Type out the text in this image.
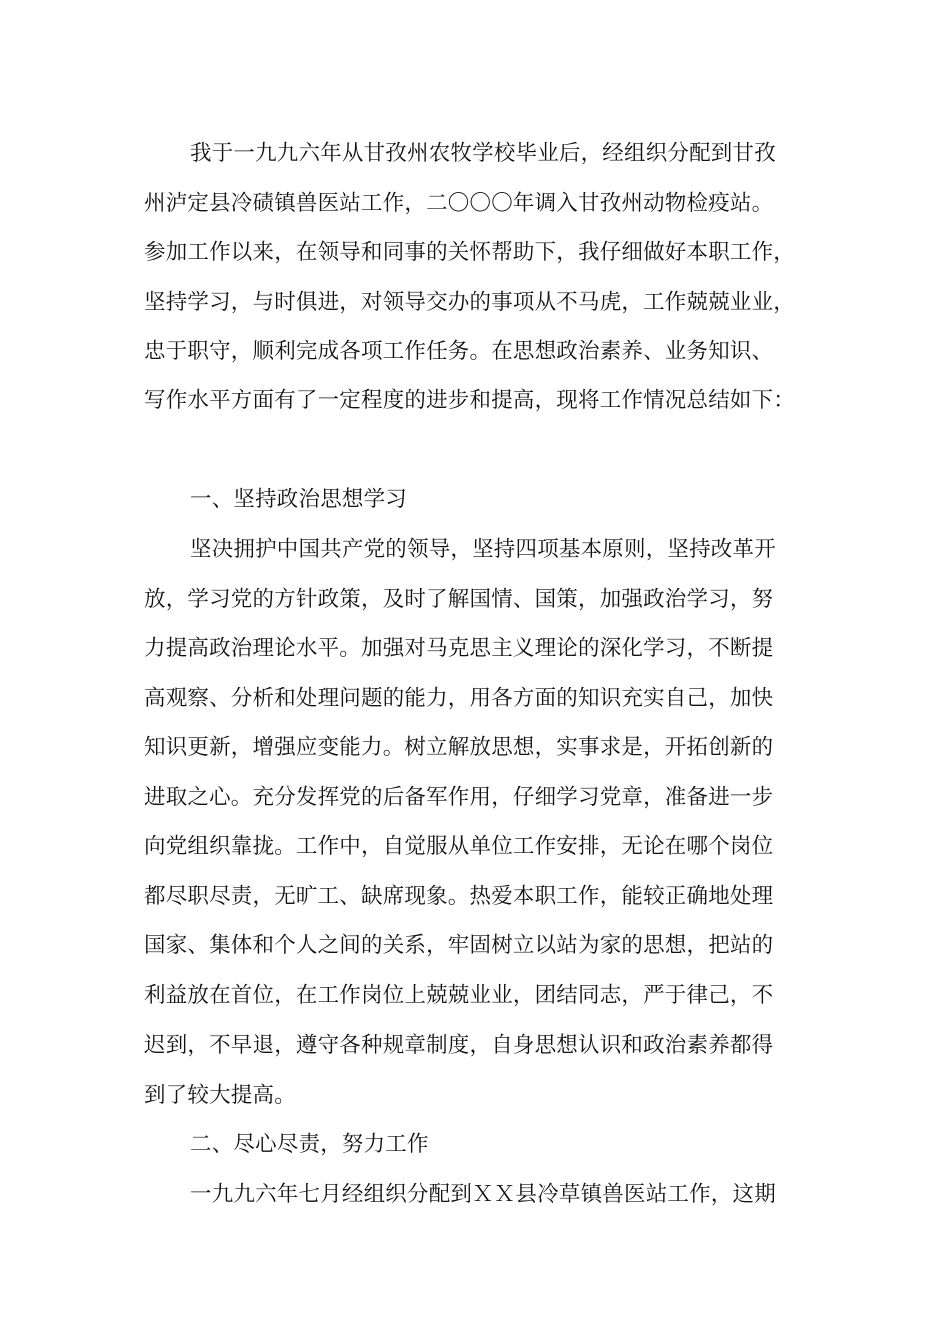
我于一九九六年从甘孜州农牧学校毕业后，经组织分配到甘孜
州泸定县冷碛镇兽医站工作，二〇〇〇年调入甘孜州动物检疫站。
参加工作以来，在领导和同事的关怀帮助下，我仔细做好本职工作，
坚持学习，与时俱进，对领导交办的事项从不马虎，工作兢兢业业，
忠于职守，顺利完成各项工作任务。在思想政治素养、业务知识、
写作水平方面有了一定程度的进步和提高，现将工作情况总结如下：
一、坚持政治思想学习
坚决拥护中国共产党的领导，坚持四项基本原则，坚持改革开
放，学习党的方针政策，及时了解国情、国策，加强政治学习，努
力提高政治理论水平。加强对马克思主义理论的深化学习，不断提
高观察、分析和处理问题的能力，用各方面的知识充实自己，加快
知识更新，增强应变能力。树立解放思想，实事求是，开拓创新的
进取之心。充分发挥党的后备军作用，仔细学习党章，准备进一步
向党组织靠拢。工作中，自觉服从单位工作安排，无论在哪个岗位
都尽职尽责，无旷工、缺席现象。热爱本职工作，能较正确地处理
国家、集体和个人之间的关系，牢固树立以站为家的思想，把站的
利益放在首位，在工作岗位上兢兢业业，团结同志，严于律己，不
迟到，不早退，遵守各种规章制度，自身思想认识和政治素养都得
到了较大提高。
二、尽心尽责，努力工作
一九九六年七月经组织分配到ＸＸ县冷草镇兽医站工作，这期
